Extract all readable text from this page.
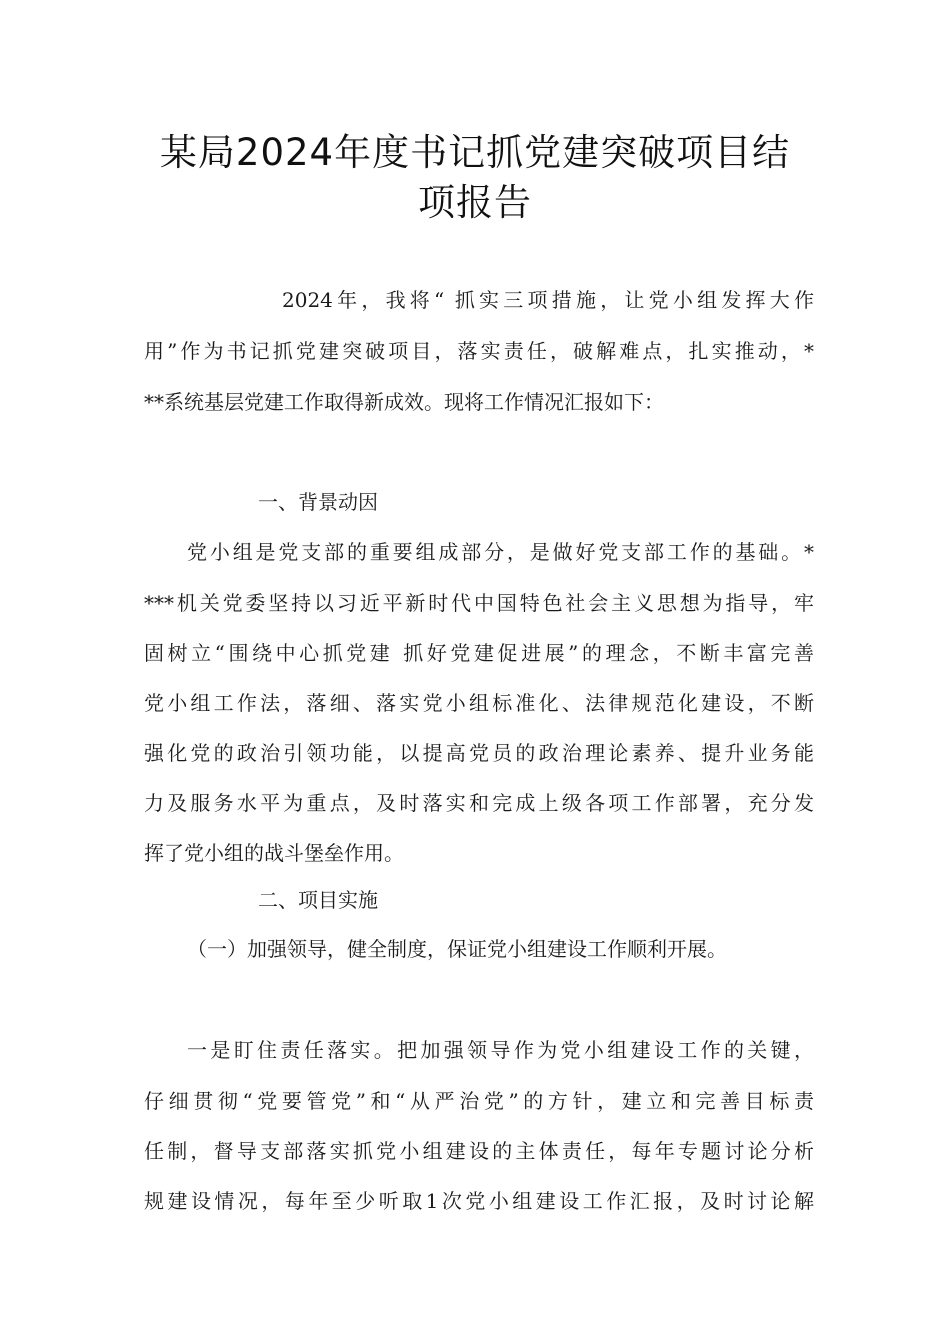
某局2024年度书记抓党建突破项目结
项报告
2024年，我将“ 抓实三项措施，让党小组发挥大作
用”作为书记抓党建突破项目，落实责任，破解难点，扎实推动，*
**系统基层党建工作取得新成效。现将工作情况汇报如下：
一、背景动因
党小组是党支部的重要组成部分，是做好党支部工作的基础。*
***机关党委坚持以习近平新时代中国特色社会主义思想为指导，牢
固树立“围绕中心抓党建 抓好党建促进展”的理念，不断丰富完善
党小组工作法，落细、落实党小组标准化、法律规范化建设，不断
强化党的政治引领功能，以提高党员的政治理论素养、提升业务能
力及服务水平为重点，及时落实和完成上级各项工作部署，充分发
挥了党小组的战斗堡垒作用。
二、项目实施
（一）加强领导，健全制度，保证党小组建设工作顺利开展。
一是盯住责任落实。把加强领导作为党小组建设工作的关键，
仔细贯彻“党要管党”和“从严治党”的方针，建立和完善目标责
任制，督导支部落实抓党小组建设的主体责任，每年专题讨论分析
规建设情况，每年至少听取1次党小组建设工作汇报，及时讨论解
